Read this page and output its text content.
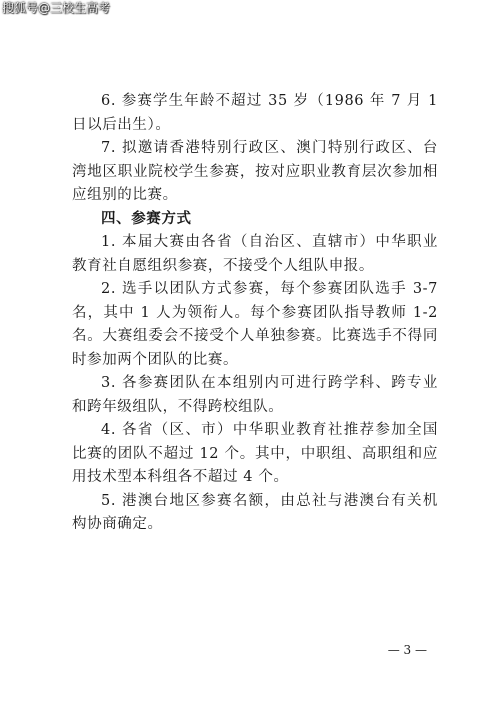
搜狐号@三校生高考

6. 参赛学生年龄不超过 35 岁（1986 年 7 月 1 日以后出生）。

7. 拟邀请香港特别行政区、澳门特别行政区、台湾地区职业院校学生参赛，按对应职业教育层次参加相应组别的比赛。

四、参赛方式

1. 本届大赛由各省（自治区、直辖市）中华职业教育社自愿组织参赛，不接受个人组队申报。

2. 选手以团队方式参赛，每个参赛团队选手 3-7 名，其中 1 人为领衔人。每个参赛团队指导教师 1-2 名。大赛组委会不接受个人单独参赛。比赛选手不得同时参加两个团队的比赛。

3. 各参赛团队在本组别内可进行跨学科、跨专业和跨年级组队，不得跨校组队。

4. 各省（区、市）中华职业教育社推荐参加全国比赛的团队不超过 12 个。其中，中职组、高职组和应用技术型本科组各不超过 4 个。

5. 港澳台地区参赛名额，由总社与港澳台有关机构协商确定。

— 3 —
